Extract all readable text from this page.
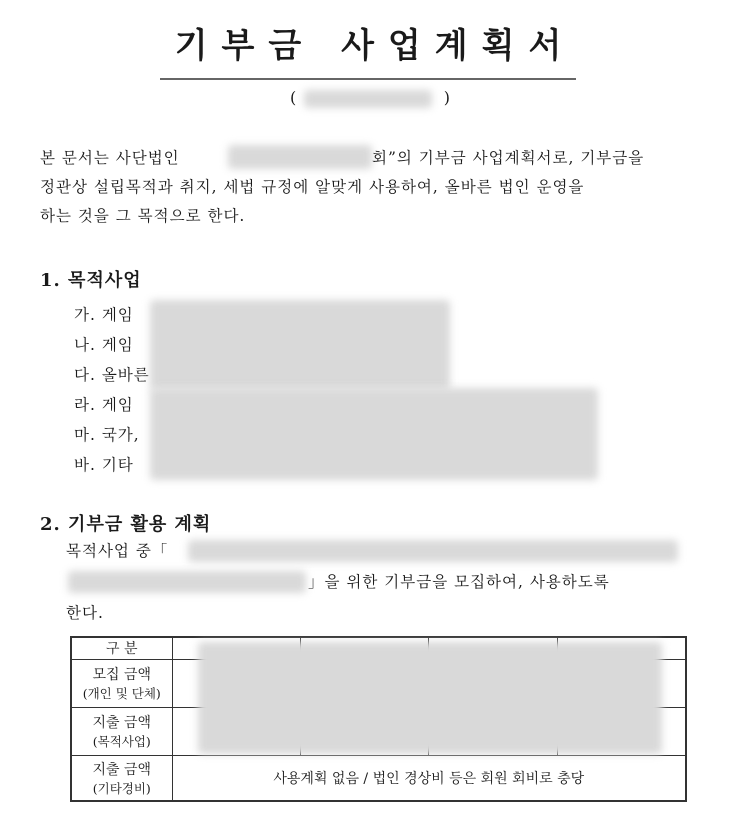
기부금 사업계획서
(	)
본 문서는 사단법인	회”의 기부금 사업계획서로, 기부금을
정관상 설립목적과 취지, 세법 규정에 알맞게 사용하여, 올바른 법인 운영을
하는 것을 그 목적으로 한다.
1. 목적사업
가. 게임
나. 게임
다. 올바른
라. 게임
마. 국가,
바. 기타
2. 기부금 활용 계획
목적사업 중「
」을 위한 기부금을 모집하여, 사용하도록
한다.
구 분				

모집 금액
(개인 및 단체)				

지출 금액
(목적사업)				

지출 금액
(기타경비)	사용계획 없음 / 법인 경상비 등은 회원 회비로 충당			
